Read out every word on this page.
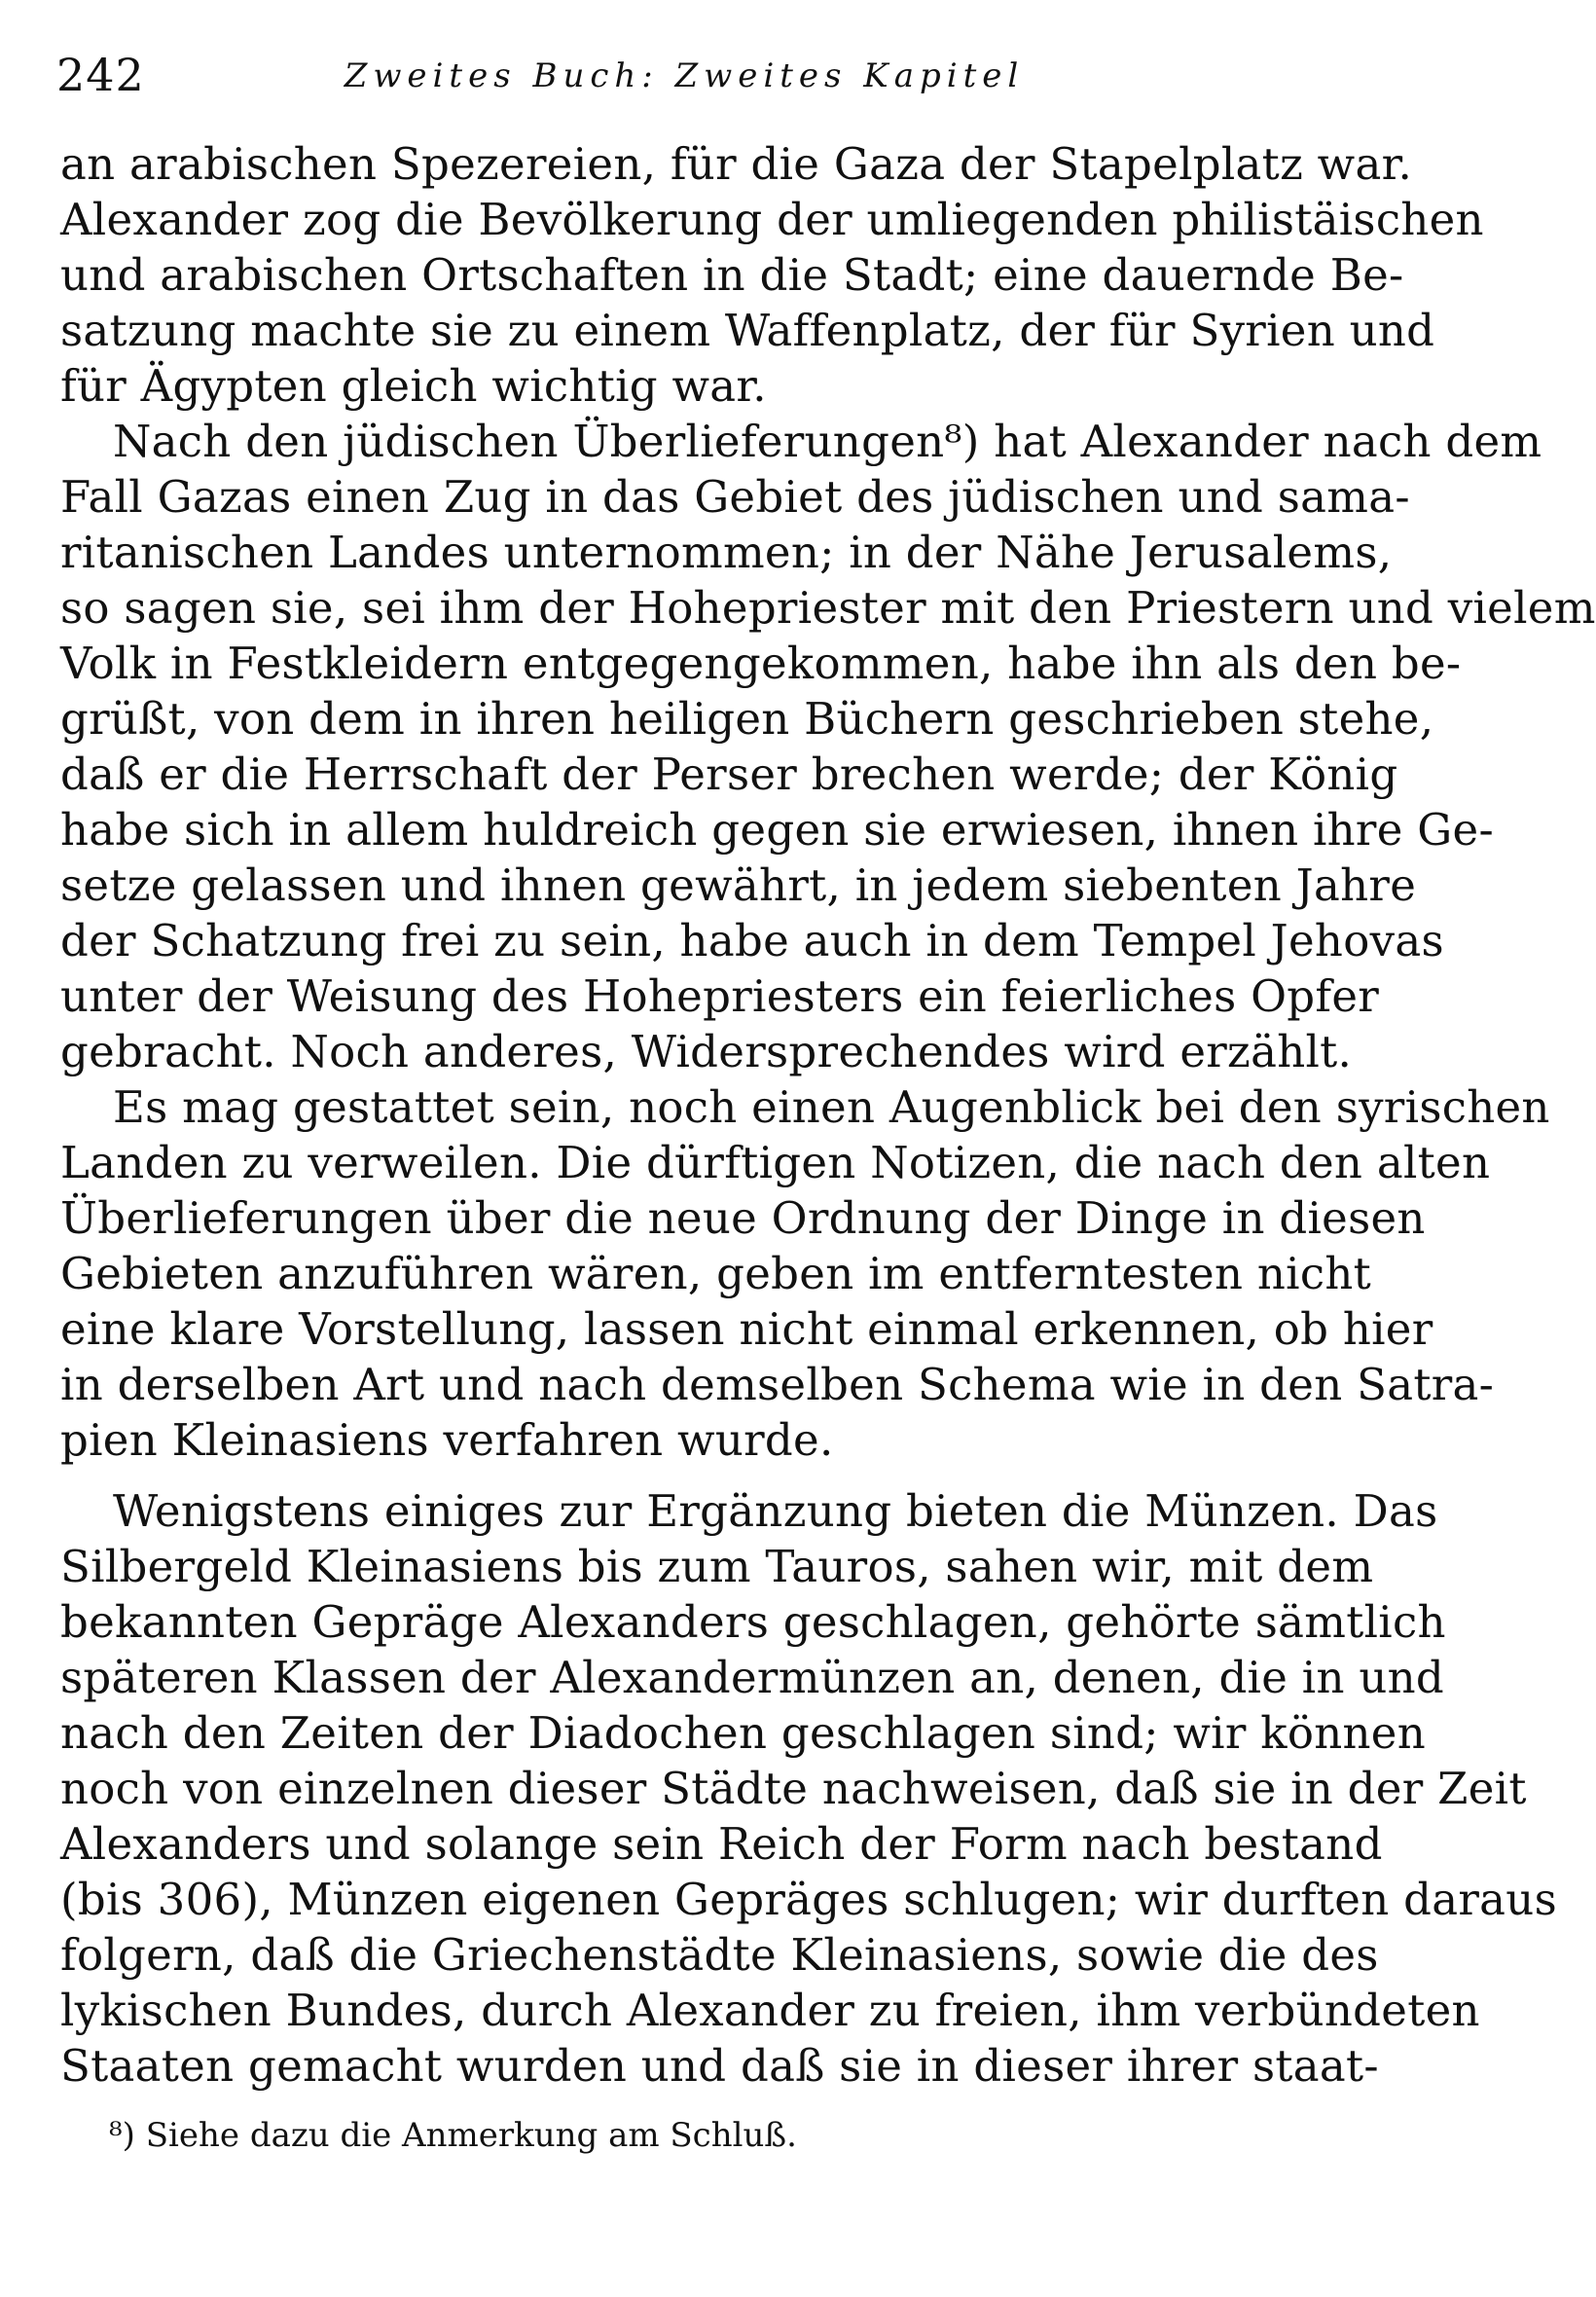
242	Zweites Buch: Zweites Kapitel
an arabischen Spezereien, für die Gaza der Stapelplatz war.
Alexander zog die Bevölkerung der umliegenden philistäischen
und arabischen Ortschaften in die Stadt; eine dauernde Be-
satzung machte sie zu einem Waffenplatz, der für Syrien und
für Ägypten gleich wichtig war.
Nach den jüdischen Überlieferungen⁸) hat Alexander nach dem
Fall Gazas einen Zug in das Gebiet des jüdischen und sama-
ritanischen Landes unternommen; in der Nähe Jerusalems,
so sagen sie, sei ihm der Hohepriester mit den Priestern und vielem
Volk in Festkleidern entgegengekommen, habe ihn als den be-
grüßt, von dem in ihren heiligen Büchern geschrieben stehe,
daß er die Herrschaft der Perser brechen werde; der König
habe sich in allem huldreich gegen sie erwiesen, ihnen ihre Ge-
setze gelassen und ihnen gewährt, in jedem siebenten Jahre
der Schatzung frei zu sein, habe auch in dem Tempel Jehovas
unter der Weisung des Hohepriesters ein feierliches Opfer
gebracht. Noch anderes, Widersprechendes wird erzählt.
Es mag gestattet sein, noch einen Augenblick bei den syrischen
Landen zu verweilen. Die dürftigen Notizen, die nach den alten
Überlieferungen über die neue Ordnung der Dinge in diesen
Gebieten anzuführen wären, geben im entferntesten nicht
eine klare Vorstellung, lassen nicht einmal erkennen, ob hier
in derselben Art und nach demselben Schema wie in den Satra-
pien Kleinasiens verfahren wurde.
Wenigstens einiges zur Ergänzung bieten die Münzen. Das
Silbergeld Kleinasiens bis zum Tauros, sahen wir, mit dem
bekannten Gepräge Alexanders geschlagen, gehörte sämtlich
späteren Klassen der Alexandermünzen an, denen, die in und
nach den Zeiten der Diadochen geschlagen sind; wir können
noch von einzelnen dieser Städte nachweisen, daß sie in der Zeit
Alexanders und solange sein Reich der Form nach bestand
(bis 306), Münzen eigenen Gepräges schlugen; wir durften daraus
folgern, daß die Griechenstädte Kleinasiens, sowie die des
lykischen Bundes, durch Alexander zu freien, ihm verbündeten
Staaten gemacht wurden und daß sie in dieser ihrer staat-
⁸) Siehe dazu die Anmerkung am Schluß.
